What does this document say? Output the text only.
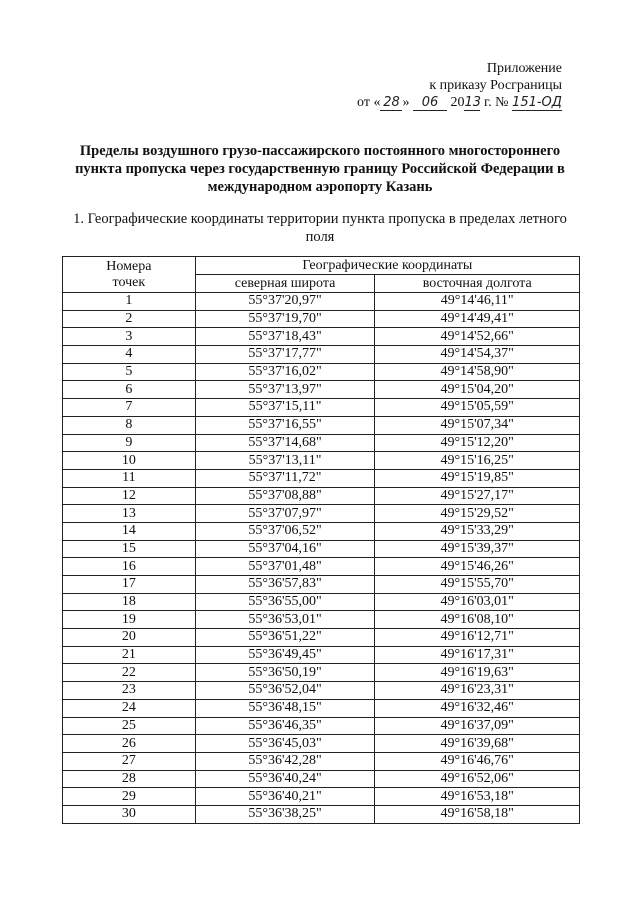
Приложение
к приказу Росграницы
от « 28 » 06 2013 г. № 151-ОД
Пределы воздушного грузо-пассажирского постоянного многостороннего пункта пропуска через государственную границу Российской Федерации в международном аэропорту Казань
1. Географические координаты территории пункта пропуска в пределах летного поля
Номера
точек	Географические координаты	
	северная широта	восточная долгота
1	55°37'20,97"	49°14'46,11"
2	55°37'19,70"	49°14'49,41"
3	55°37'18,43"	49°14'52,66"
4	55°37'17,77"	49°14'54,37"
5	55°37'16,02"	49°14'58,90"
6	55°37'13,97"	49°15'04,20"
7	55°37'15,11"	49°15'05,59"
8	55°37'16,55"	49°15'07,34"
9	55°37'14,68"	49°15'12,20"
10	55°37'13,11"	49°15'16,25"
11	55°37'11,72"	49°15'19,85"
12	55°37'08,88"	49°15'27,17"
13	55°37'07,97"	49°15'29,52"
14	55°37'06,52"	49°15'33,29"
15	55°37'04,16"	49°15'39,37"
16	55°37'01,48"	49°15'46,26"
17	55°36'57,83"	49°15'55,70"
18	55°36'55,00"	49°16'03,01"
19	55°36'53,01"	49°16'08,10"
20	55°36'51,22"	49°16'12,71"
21	55°36'49,45"	49°16'17,31"
22	55°36'50,19"	49°16'19,63"
23	55°36'52,04"	49°16'23,31"
24	55°36'48,15"	49°16'32,46"
25	55°36'46,35"	49°16'37,09"
26	55°36'45,03"	49°16'39,68"
27	55°36'42,28"	49°16'46,76"
28	55°36'40,24"	49°16'52,06"
29	55°36'40,21"	49°16'53,18"
30	55°36'38,25"	49°16'58,18"
